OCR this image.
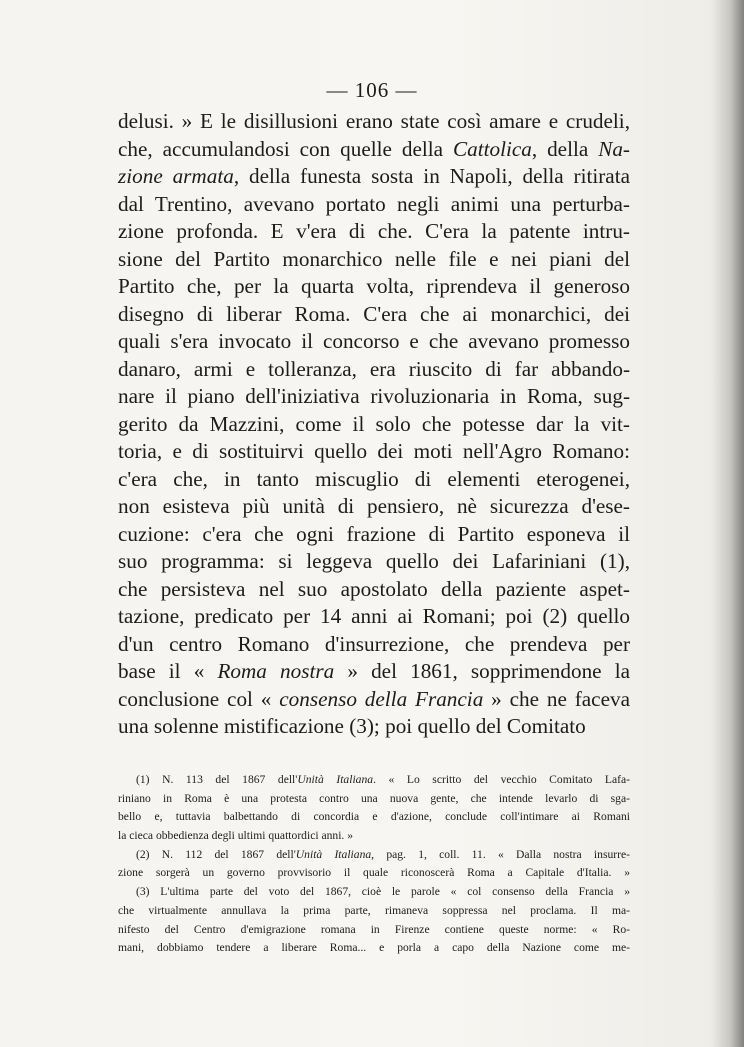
— 106 —
delusi. » E le disillusioni erano state così amare e crudeli,
che, accumulandosi con quelle della Cattolica, della Na-
zione armata, della funesta sosta in Napoli, della ritirata
dal Trentino, avevano portato negli animi una perturba-
zione profonda. E v'era di che. C'era la patente intru-
sione del Partito monarchico nelle file e nei piani del
Partito che, per la quarta volta, riprendeva il generoso
disegno di liberar Roma. C'era che ai monarchici, dei
quali s'era invocato il concorso e che avevano promesso
danaro, armi e tolleranza, era riuscito di far abbando-
nare il piano dell'iniziativa rivoluzionaria in Roma, sug-
gerito da Mazzini, come il solo che potesse dar la vit-
toria, e di sostituirvi quello dei moti nell'Agro Romano:
c'era che, in tanto miscuglio di elementi eterogenei,
non esisteva più unità di pensiero, nè sicurezza d'ese-
cuzione: c'era che ogni frazione di Partito esponeva il
suo programma: si leggeva quello dei Lafariniani (1),
che persisteva nel suo apostolato della paziente aspet-
tazione, predicato per 14 anni ai Romani; poi (2) quello
d'un centro Romano d'insurrezione, che prendeva per
base il « Roma nostra » del 1861, sopprimendone la
conclusione col « consenso della Francia » che ne faceva
una solenne mistificazione (3); poi quello del Comitato
(1) N. 113 del 1867 dell'Unità Italiana. « Lo scritto del vecchio Comitato Lafa-
riniano in Roma è una protesta contro una nuova gente, che intende levarlo di sga-
bello e, tuttavia balbettando di concordia e d'azione, conclude coll'intimare ai Romani
la cieca obbedienza degli ultimi quattordici anni. »
(2) N. 112 del 1867 dell'Unità Italiana, pag. 1, coll. 11. « Dalla nostra insurre-
zione sorgerà un governo provvisorio il quale riconoscerà Roma a Capitale d'Italia. »
(3) L'ultima parte del voto del 1867, cioè le parole « col consenso della Francia »
che virtualmente annullava la prima parte, rimaneva soppressa nel proclama. Il ma-
nifesto del Centro d'emigrazione romana in Firenze contiene queste norme: « Ro-
mani, dobbiamo tendere a liberare Roma... e porla a capo della Nazione come me-
